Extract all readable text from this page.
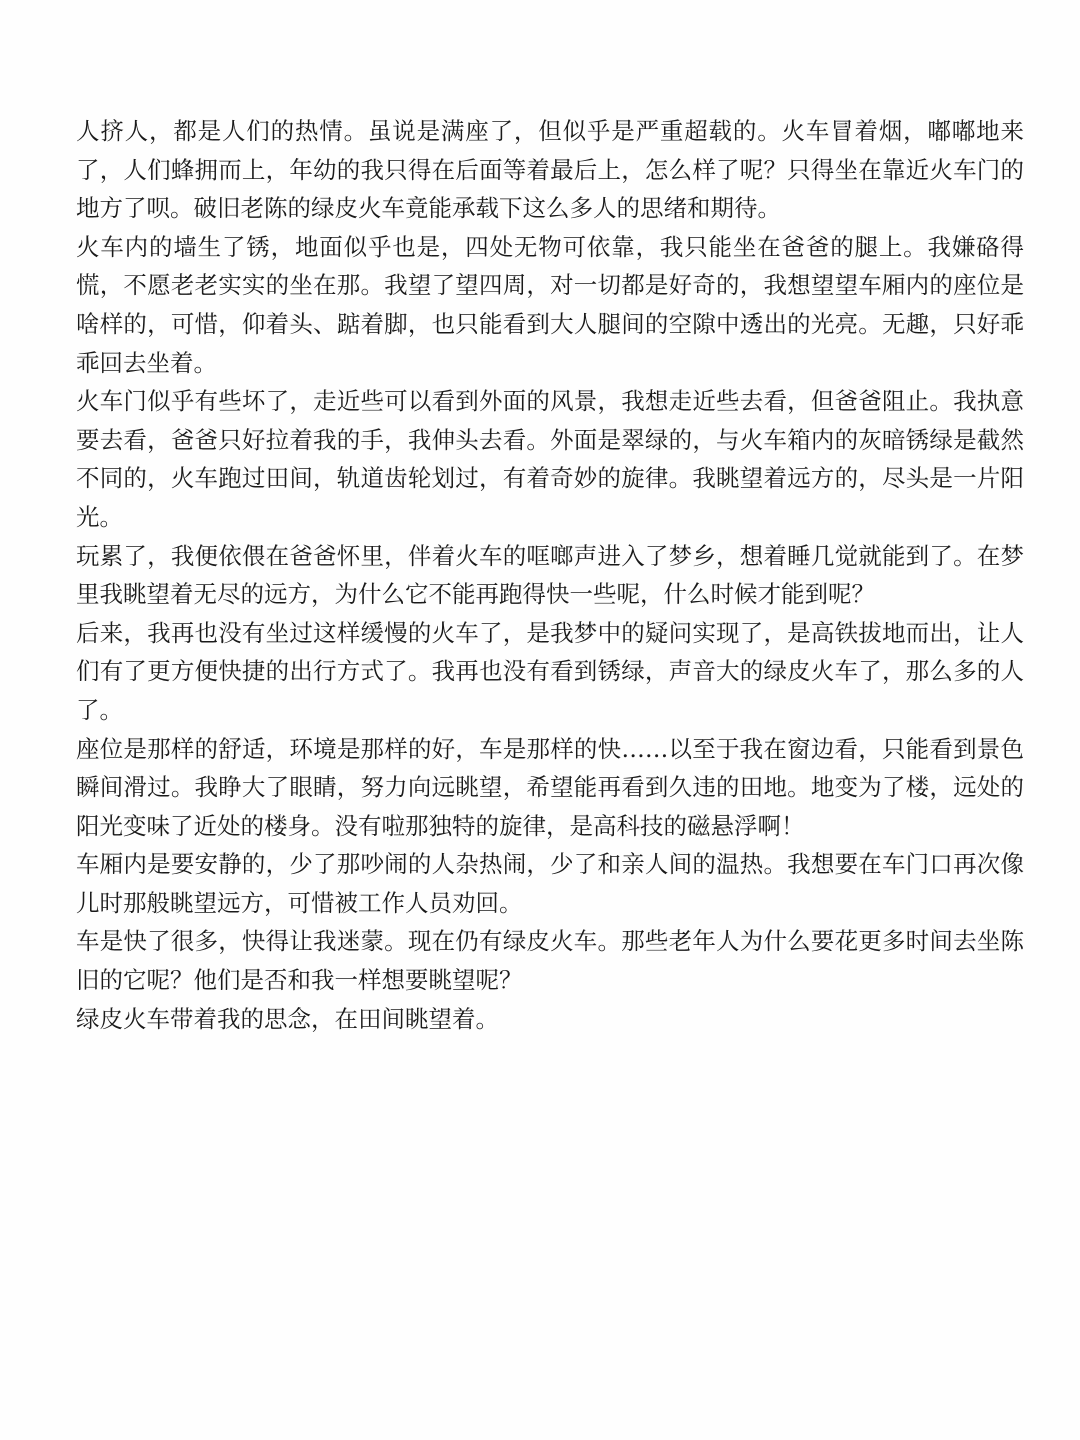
人挤人，都是人们的热情。虽说是满座了，但似乎是严重超载的。火车冒着烟，嘟嘟地来了，人们蜂拥而上，年幼的我只得在后面等着最后上，怎么样了呢？只得坐在靠近火车门的地方了呗。破旧老陈的绿皮火车竟能承载下这么多人的思绪和期待。

火车内的墙生了锈，地面似乎也是，四处无物可依靠，我只能坐在爸爸的腿上。我嫌硌得慌，不愿老老实实的坐在那。我望了望四周，对一切都是好奇的，我想望望车厢内的座位是啥样的，可惜，仰着头、踮着脚，也只能看到大人腿间的空隙中透出的光亮。无趣，只好乖乖回去坐着。

火车门似乎有些坏了，走近些可以看到外面的风景，我想走近些去看，但爸爸阻止。我执意要去看，爸爸只好拉着我的手，我伸头去看。外面是翠绿的，与火车箱内的灰暗锈绿是截然不同的，火车跑过田间，轨道齿轮划过，有着奇妙的旋律。我眺望着远方的，尽头是一片阳光。

玩累了，我便依偎在爸爸怀里，伴着火车的哐啷声进入了梦乡，想着睡几觉就能到了。在梦里我眺望着无尽的远方，为什么它不能再跑得快一些呢，什么时候才能到呢？

后来，我再也没有坐过这样缓慢的火车了，是我梦中的疑问实现了，是高铁拔地而出，让人们有了更方便快捷的出行方式了。我再也没有看到锈绿，声音大的绿皮火车了，那么多的人了。

座位是那样的舒适，环境是那样的好，车是那样的快……以至于我在窗边看，只能看到景色瞬间滑过。我睁大了眼睛，努力向远眺望，希望能再看到久违的田地。地变为了楼，远处的阳光变味了近处的楼身。没有啦那独特的旋律，是高科技的磁悬浮啊！

车厢内是要安静的，少了那吵闹的人杂热闹，少了和亲人间的温热。我想要在车门口再次像儿时那般眺望远方，可惜被工作人员劝回。

车是快了很多，快得让我迷蒙。现在仍有绿皮火车。那些老年人为什么要花更多时间去坐陈旧的它呢？他们是否和我一样想要眺望呢？

绿皮火车带着我的思念，在田间眺望着。
